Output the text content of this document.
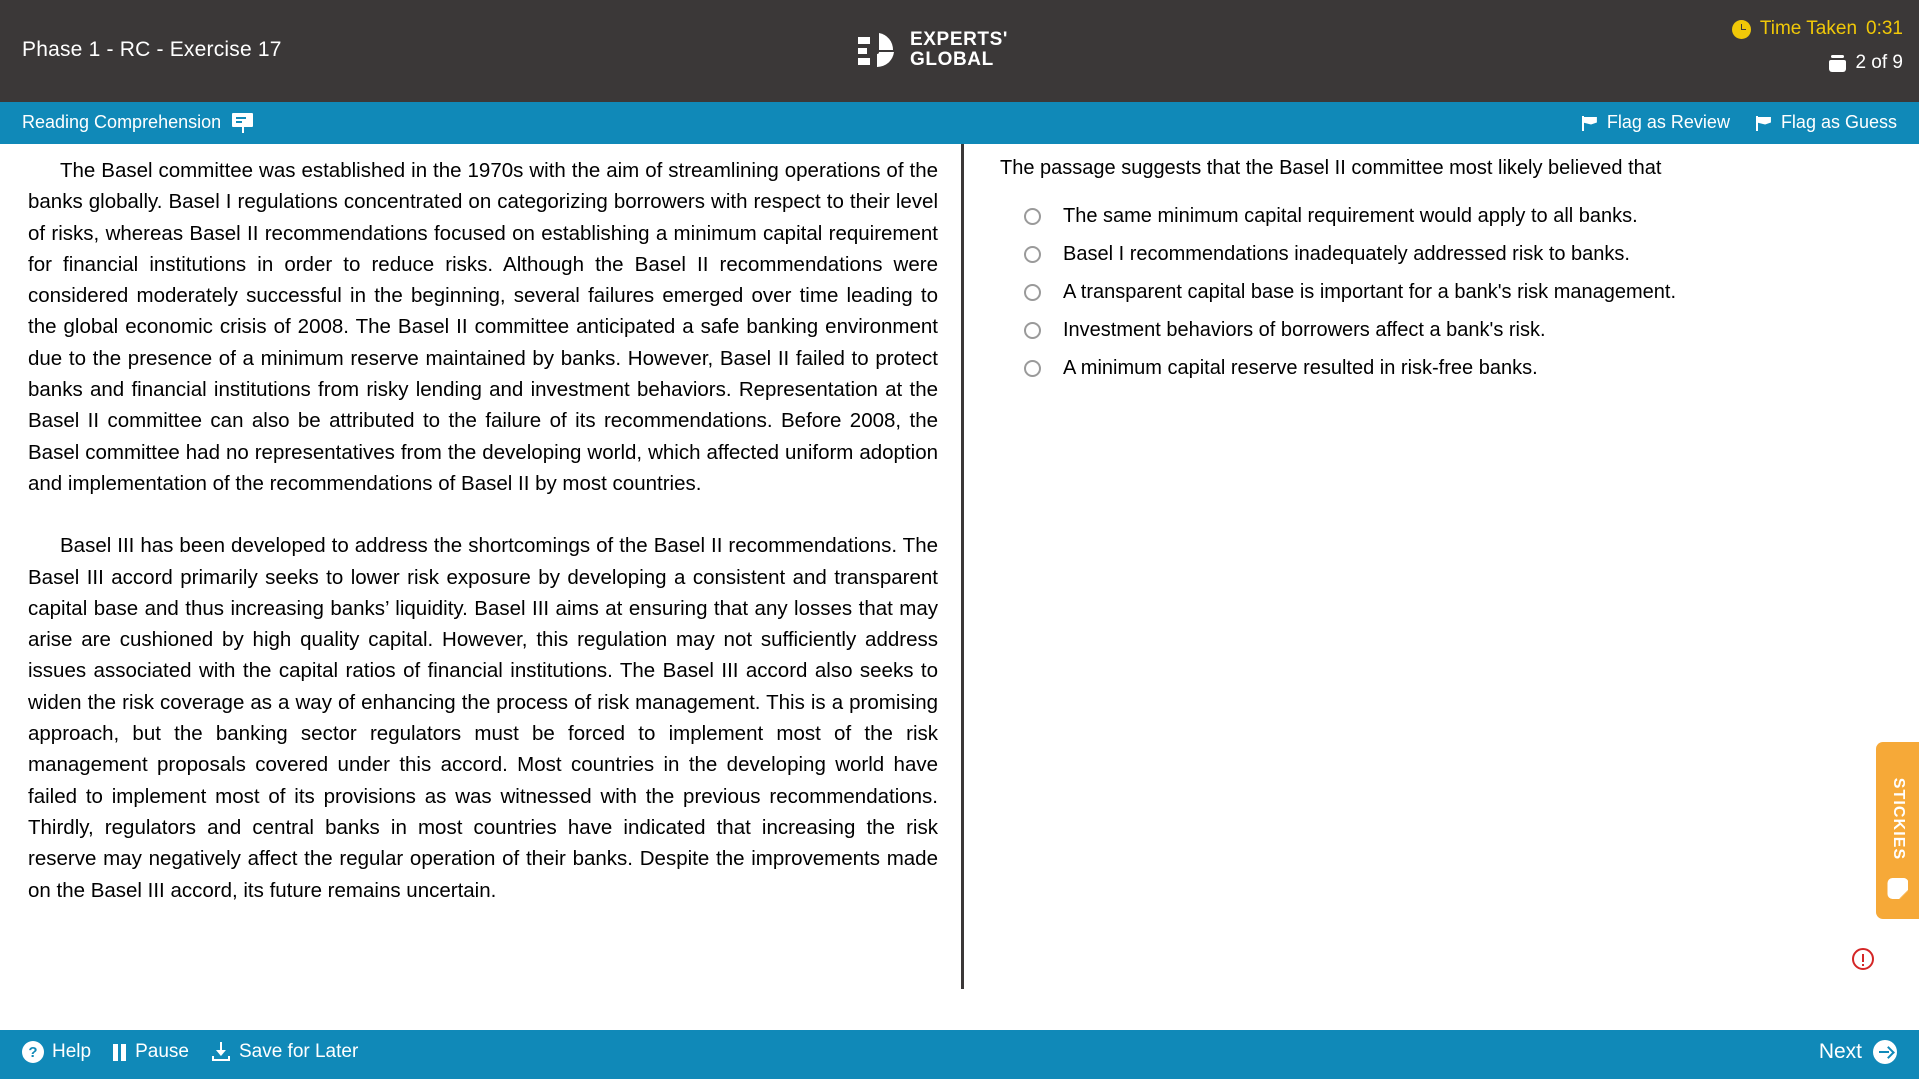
Phase 1 - RC - Exercise 17	EXPERTS'
GLOBAL
Time Taken 0:31
2 of 9
Reading Comprehension	Flag as Review	Flag as Guess

The Basel committee was established in the 1970s with the aim of streamlining operations of the banks globally. Basel I regulations concentrated on categorizing borrowers with respect to their level of risks, whereas Basel II recommendations focused on establishing a minimum capital requirement for financial institutions in order to reduce risks. Although the Basel II recommendations were considered moderately successful in the beginning, several failures emerged over time leading to the global economic crisis of 2008. The Basel II committee anticipated a safe banking environment due to the presence of a minimum reserve maintained by banks. However, Basel II failed to protect banks and financial institutions from risky lending and investment behaviors. Representation at the Basel II committee can also be attributed to the failure of its recommendations. Before 2008, the Basel committee had no representatives from the developing world, which affected uniform adoption and implementation of the recommendations of Basel II by most countries.

Basel III has been developed to address the shortcomings of the Basel II recommendations. The Basel III accord primarily seeks to lower risk exposure by developing a consistent and transparent capital base and thus increasing banks’ liquidity. Basel III aims at ensuring that any losses that may arise are cushioned by high quality capital. However, this regulation may not sufficiently address issues associated with the capital ratios of financial institutions. The Basel III accord also seeks to widen the risk coverage as a way of enhancing the process of risk management. This is a promising approach, but the banking sector regulators must be forced to implement most of the risk management proposals covered under this accord. Most countries in the developing world have failed to implement most of its provisions as was witnessed with the previous recommendations. Thirdly, regulators and central banks in most countries have indicated that increasing the risk reserve may negatively affect the regular operation of their banks. Despite the improvements made on the Basel III accord, its future remains uncertain.

The passage suggests that the Basel II committee most likely believed that
The same minimum capital requirement would apply to all banks.
Basel I recommendations inadequately addressed risk to banks.
A transparent capital base is important for a bank's risk management.
Investment behaviors of borrowers affect a bank's risk.
A minimum capital reserve resulted in risk-free banks.
STICKIES
? Help Pause	Save for Later	Next
